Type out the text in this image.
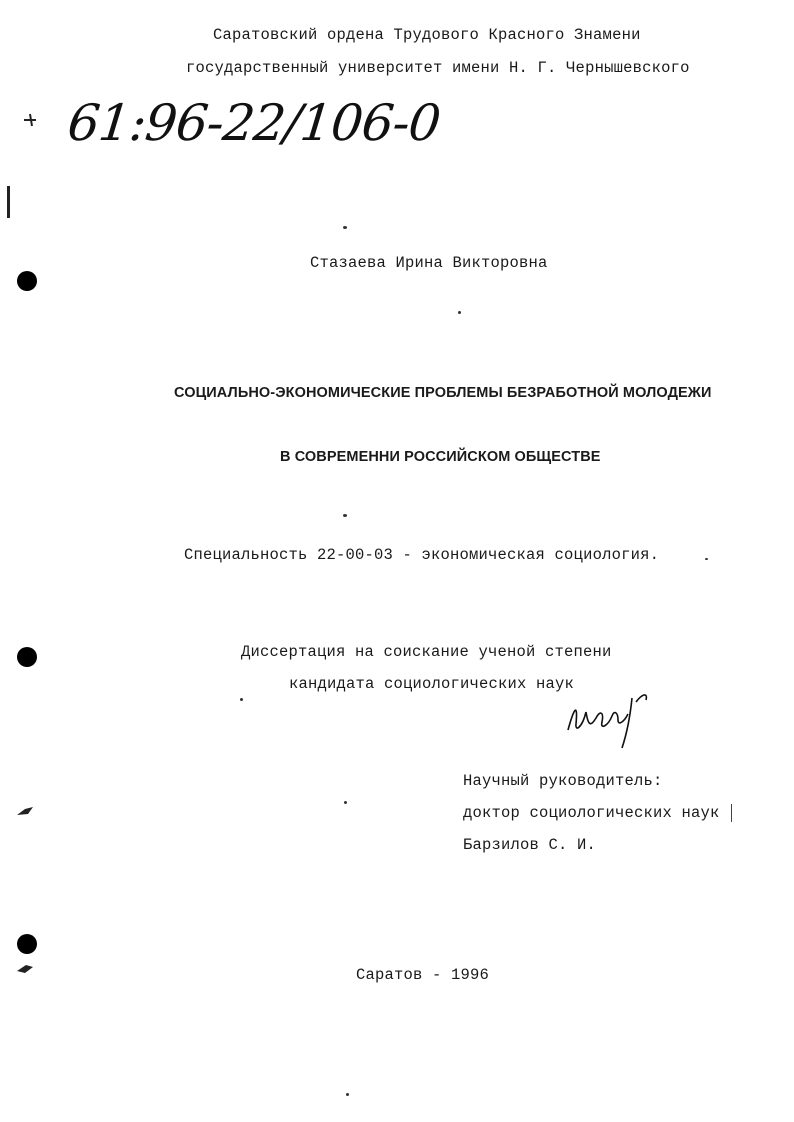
Саратовский ордена Трудового Красного Знамени
государственный университет имени Н. Г. Чернышевского
61:96-22/106-0
Стазаева Ирина Викторовна
СОЦИАЛЬНО-ЭКОНОМИЧЕСКИЕ ПРОБЛЕМЫ БЕЗРАБОТНОЙ МОЛОДЕЖИ
В СОВРЕМЕННИ РОССИЙСКОМ ОБЩЕСТВЕ
Специальность 22-00-03 - экономическая социология.
Диссертация на соискание ученой степени
кандидата социологических наук
Научный руководитель:
доктор социологических наук
Барзилов С. И.
Саратов - 1996
